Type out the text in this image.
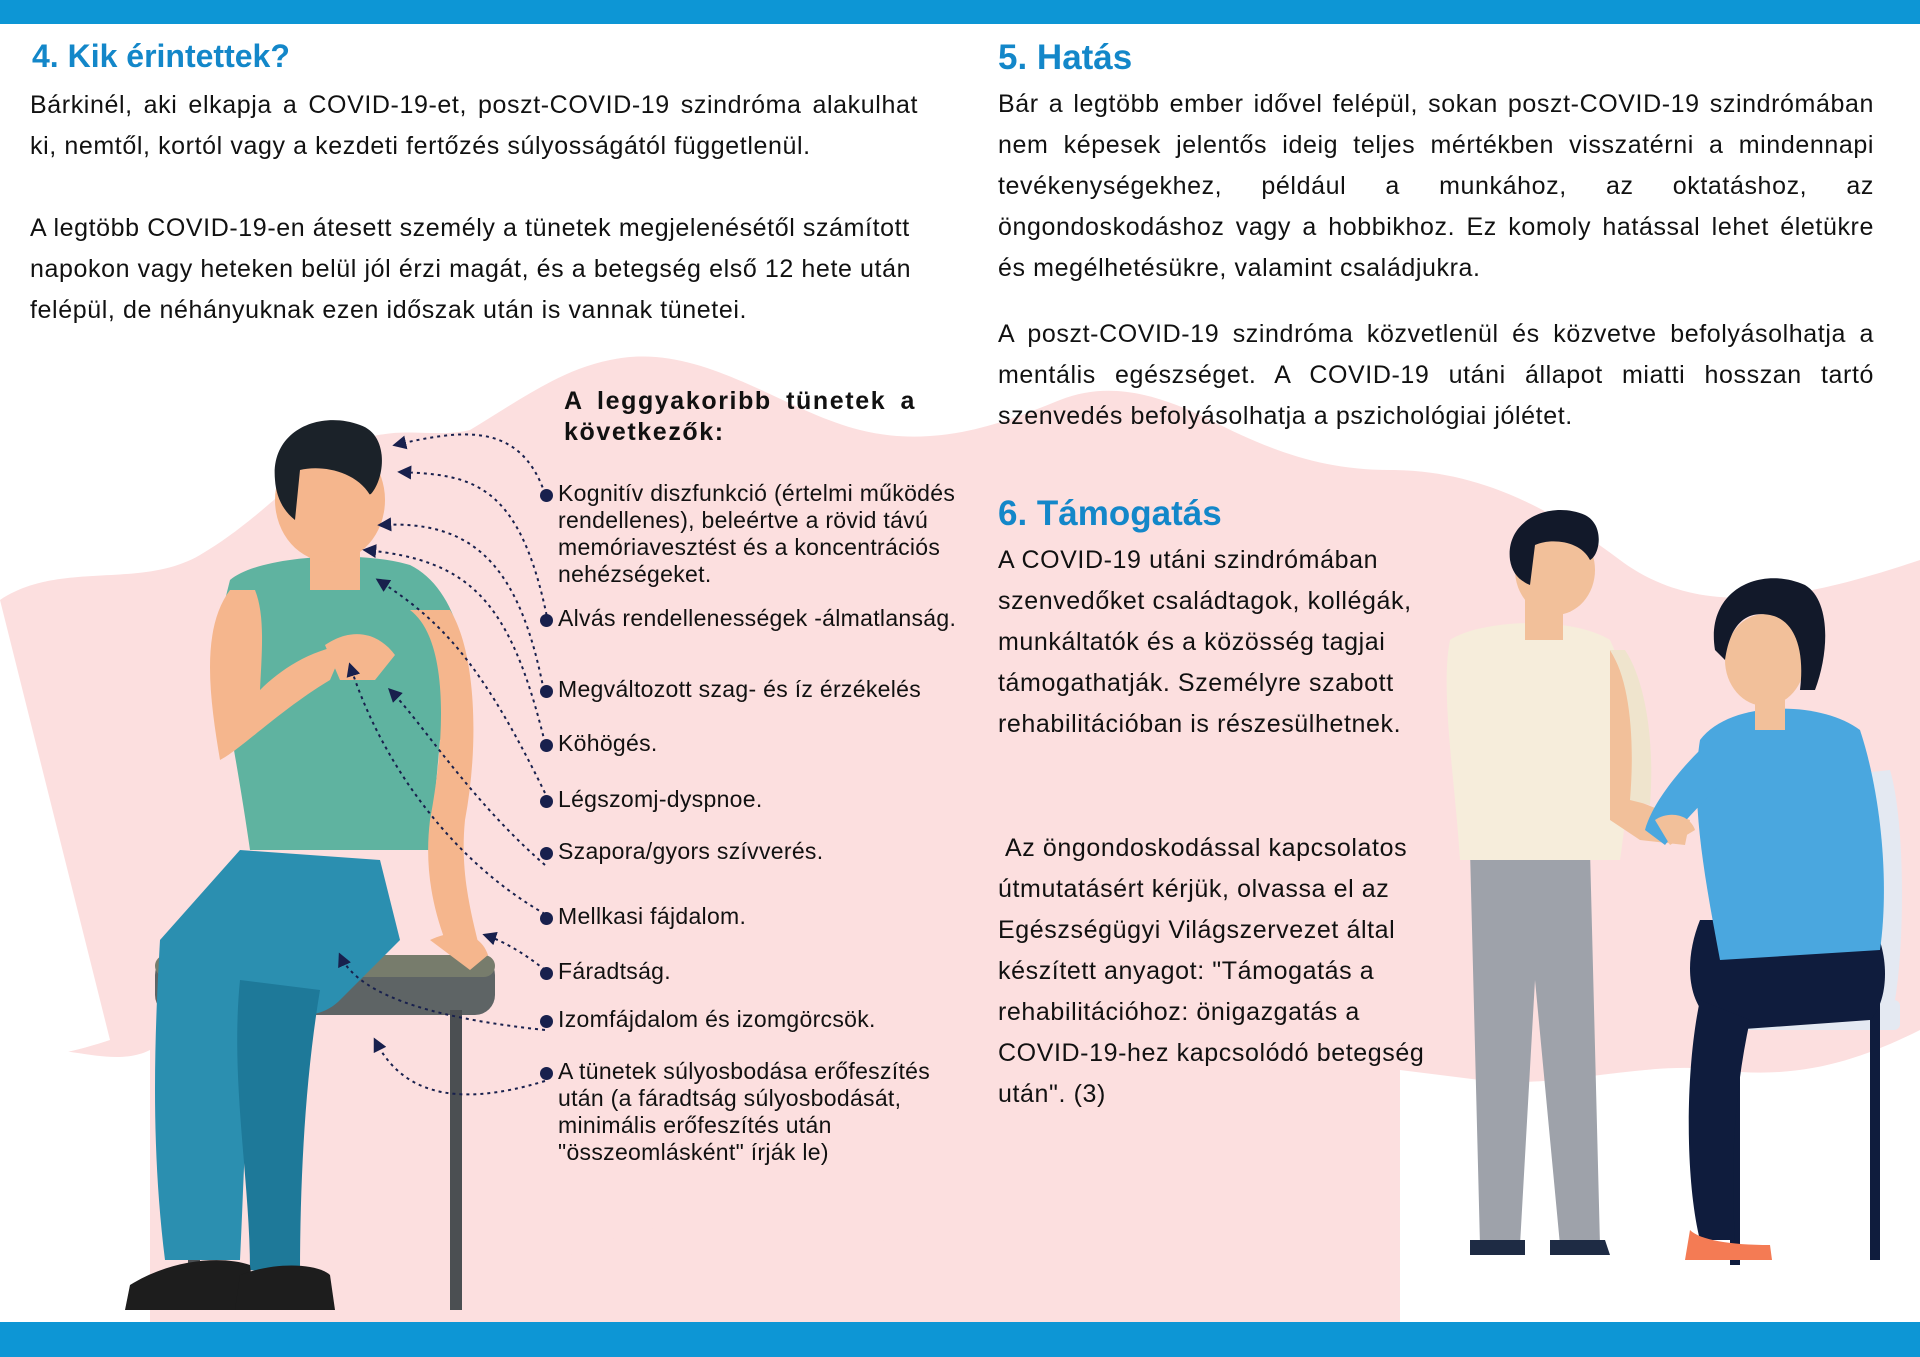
4. Kik érintettek?

Bárkinél, aki elkapja a COVID-19-et, poszt-COVID-19 szindróma alakulhat ki, nemtől, kortól vagy a kezdeti fertőzés súlyosságától függetlenül.

A legtöbb COVID-19-en átesett személy a tünetek megjelenésétől számított napokon vagy heteken belül jól érzi magát, és a betegség első 12 hete után felépül, de néhányuknak ezen időszak után is vannak tünetei.

A leggyakoribb tünetek a következők:

Kognitív diszfunkció (értelmi működés rendellenes), beleértve a rövid távú memóriavesztést és a koncentrációs nehézségeket.
Alvás rendellenességek -álmatlanság.
Megváltozott szag- és íz érzékelés
Köhögés.
Légszomj-dyspnoe.
Szapora/gyors szívverés.
Mellkasi fájdalom.
Fáradtság.
Izomfájdalom és izomgörcsök.
A tünetek súlyosbodása erőfeszítés után (a fáradtság súlyosbodását, minimális erőfeszítés után "összeomlásként" írják le)
5. Hatás

Bár a legtöbb ember idővel felépül, sokan poszt-COVID-19 szindrómában nem képesek jelentős ideig teljes mértékben visszatérni a mindennapi tevékenységekhez, például a munkához, az oktatáshoz, az öngondoskodáshoz vagy a hobbikhoz. Ez komoly hatással lehet életükre és megélhetésükre, valamint családjukra.

A poszt-COVID-19 szindróma közvetlenül és közvetve befolyásolhatja a mentális egészséget. A COVID-19 utáni állapot miatti hosszan tartó szenvedés befolyásolhatja a pszichológiai jólétet.

6. Támogatás

A COVID-19 utáni szindrómában szenvedőket családtagok, kollégák, munkáltatók és a közösség tagjai támogathatják. Személyre szabott rehabilitációban is részesülhetnek.

Az öngondoskodással kapcsolatos útmutatásért kérjük, olvassa el az Egészségügyi Világszervezet által készített anyagot: "Támogatás a rehabilitációhoz: önigazgatás a COVID-19-hez kapcsolódó betegség után". (3)
